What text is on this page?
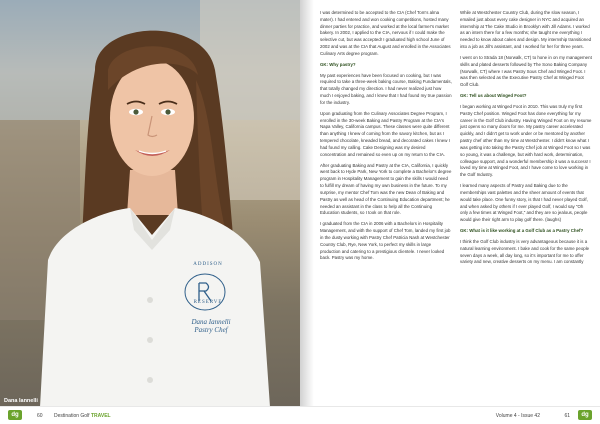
ADDISON
RESERVE
Dana Iannelli
Pastry Chef
Dana Iannelli

I was determined to be accepted to the CIA (Chef Tom's alma mater). I had entered and won cooking competitions, hosted many dinner parties for practice, and worked at the local farmer's market bakery. In 2002, I applied to the CIA, nervous if I could make the selective cut, but was accepted! I graduated high school June of 2002 and was at the CIA that August and enrolled in the Associates Culinary Arts degree program.

GK: Why pastry?

My past experiences have been focused on cooking, but I was required to take a three-week baking course, Baking Fundamentals, that totally changed my direction. I had never realized just how much I enjoyed baking, and I knew that I had found my true passion for the industry.

Upon graduating from the Culinary Associates Degree Program, I enrolled in the 30-week Baking and Pastry Program at the CIA's Napa Valley, California campus. These classes were quite different than anything I knew of coming from the savory kitchen, but as I tempered chocolate, kneaded bread, and decorated cakes I knew I had found my calling. Cake Designing was my desired concentration and remained so even up on my return to the CIA.

After graduating Baking and Pastry at the CIA, California, I quickly went back to Hyde Park, New York to complete a Bachelor's degree program in Hospitality Management to gain the skills I would need to fulfill my dream of having my own business in the future. To my surprise, my mentor Chef Tom was the new Dean of Baking and Pastry as well as head of the Continuing Education department; he needed an assistant in the class to help all the Continuing Education students, so I took on that role.

I graduated from the CIA in 2006 with a Bachelors in Hospitality Management, and with the support of Chef Tom, landed my first job in the dusty working with Pastry Chef Patricia Nash at Westchester Country Club, Rye, New York, to perfect my skills in large production and catering to a prestigious clientele. I never looked back. Pastry was my home.

While at Westchester Country Club, during the slow season, I emailed just about every cake designer in NYC and acquired an internship at The Cake Studio in Brooklyn with Jill Adams. I worked as an intern there for a few months; she taught me everything I needed to know about cakes and design. My internship transitioned into a job as Jill's assistant, and I worked for her for three years.

I went on to Strada 18 (Norwalk, CT) to hone in on my management skills and plated desserts followed by The Sono Baking Company (Norwalk, CT) where I was Pastry Sous Chef and Winged Foot. I was then selected as the Executive Pastry Chef at Winged Foot Golf Club.

GK: Tell us about Winged Foot?

I began working at Winged Foot in 2010. This was truly my first Pastry Chef position. Winged Foot has done everything for my career in the Golf Club industry. Having Winged Foot on my resume just opens so many doors for me. My pastry career accelerated quickly, and I didn't get to work under or be mentored by another pastry chef other than my time at Westchester. I didn't know what I was getting into taking the Pastry Chef job at Winged Foot so I was so young, it was a challenge, but with hard work, determination, colleague support, and a wonderful membership it was a success! I loved my time at Winged Foot, and I have come to love working in the Golf Industry.

I learned many aspects of Pastry and Baking due to the memberships vast palettes and the sheer amount of events that would take place. One funny story, is that I had never played Golf, and when asked by others if I ever played Golf, I would say "Oh only a few times at Winged Foot," and they are so jealous, people would give their right arm to play golf there. (laughs)

GK: What is it like working at a Golf Club as a Pastry Chef?

I think the Golf Club industry is very advantageous because it is a natural learning environment. I bake and cook for the same people seven days a week, all day long, so it's important for me to offer variety and new, creative desserts on my menu. I am constantly

dg	60 Destination Golf TRAVEL	Volume 4 - Issue 42	61	dg
